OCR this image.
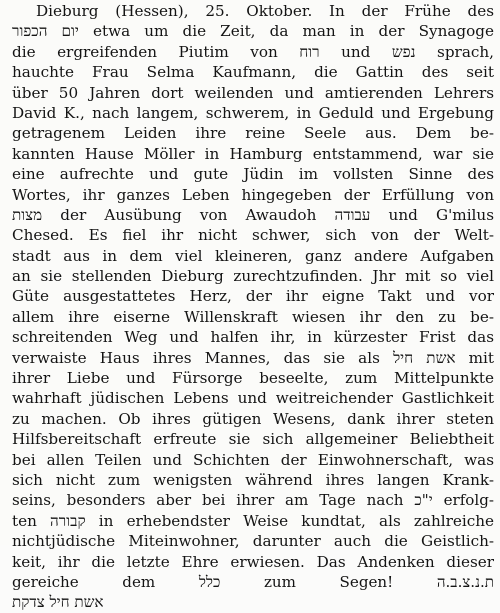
Dieburg (Hessen), 25. Oktober. In der Frühe des
יום הכפור etwa um die Zeit, da man in der Synagoge
die ergreifenden Piutim von רוח und נפש sprach,
hauchte Frau Selma Kaufmann, die Gattin des seit
über 50 Jahren dort weilenden und amtierenden Lehrers
David K., nach langem, schwerem, in Geduld und Ergebung
getragenem Leiden ihre reine Seele aus. Dem be-
kannten Hause Möller in Hamburg entstammend, war sie
eine aufrechte und gute Jüdin im vollsten Sinne des
Wortes, ihr ganzes Leben hingegeben der Erfüllung von
מצות der Ausübung von Awaudoh עבודה und G'milus
Chesed. Es fiel ihr nicht schwer, sich von der Welt-
stadt aus in dem viel kleineren, ganz andere Aufgaben
an sie stellenden Dieburg zurechtzufinden. Jhr mit so viel
Güte ausgestattetes Herz, der ihr eigne Takt und vor
allem ihre eiserne Willenskraft wiesen ihr den zu be-
schreitenden Weg und halfen ihr, in kürzester Frist das
verwaiste Haus ihres Mannes, das sie als אשת חיל mit
ihrer Liebe und Fürsorge beseelte, zum Mittelpunkte
wahrhaft jüdischen Lebens und weitreichender Gastlichkeit
zu machen. Ob ihres gütigen Wesens, dank ihrer steten
Hilfsbereitschaft erfreute sie sich allgemeiner Beliebtheit
bei allen Teilen und Schichten der Einwohnerschaft, was
sich nicht zum wenigsten während ihres langen Krank-
seins, besonders aber bei ihrer am Tage nach י"כ erfolg-
ten קבורה in erhebendster Weise kundtat, als zahlreiche
nichtjüdische Miteinwohner, darunter auch die Geistlich-
keit, ihr die letzte Ehre erwiesen. Das Andenken dieser
gereiche dem כלל zum Segen! ת.נ.צ.ב.ה
אשת חיל צדקת
